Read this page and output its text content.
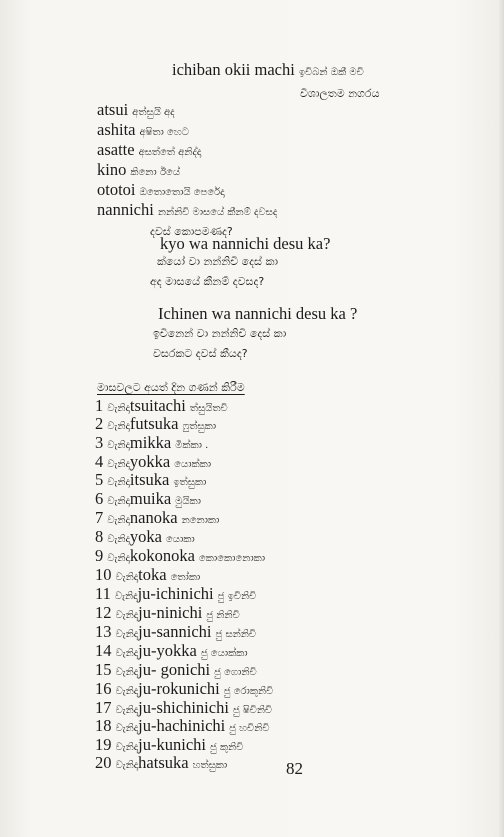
ichiban okii machi ඉචිබන් ඔකී මචි
විශාලතම නගරය
atsui අත්සුයි අද
ashita අෂිතා හෙට
asatte අසත්තේ අනිද්දා
kino කිනො ඊයේ
ototoi ඔතොතොයි පෙරේදා
nannichi නන්නිචි මාසයේ කීනම් දවසද
දවස් කොපමණද?
kyo wa nannichi desu ka?
ක්යෝ වා නන්නිචි දෙස් කා
අද මාසයේ කීනම් දවසද?
Ichinen wa nannichi desu ka ?
ඉචිනෙන් වා නන්නිචි දෙස් කා
වසරකට දවස් කීයද?
මාසවලට අයත් දින ගණන් කිරීම
1 වැනිදාtsuitachi ත්සුයිතචි
2 වැනිදාfutsuka ෆුත්සුකා
3 වැනිදාmikka මික්කා .
4 වැනිදාyokka යොක්කා
5 වැනිදාitsuka ඉත්සුකා
6 වැනිදාmuika මුයිකා
7 වැනිදාnanoka නනොකා
8 වැනිදාyoka යොකා
9 වැනිදාkokonoka කොකොනොකා
10 වැනිදාtoka තෝකා
11 වැනිදාju-ichinichi ජු ඉචිනිචි
12 වැනිදාju-ninichi ජු නිනිචි
13 වැනිදාju-sannichi ජු සන්නිචි
14 වැනිදාju-yokka ජු යොක්කා
15 වැනිදාju- gonichi ජු ගොනිචි
16 වැනිදාju-rokunichi ජු රොකුනිචි
17 වැනිදාju-shichinichi ජු ෂිචිනිචි
18 වැනිදාju-hachinichi ජු හචිනිචි
19 වැනිදාju-kunichi ජු කුනිචි
20 වැනිදාhatsuka හත්සුකා	82
